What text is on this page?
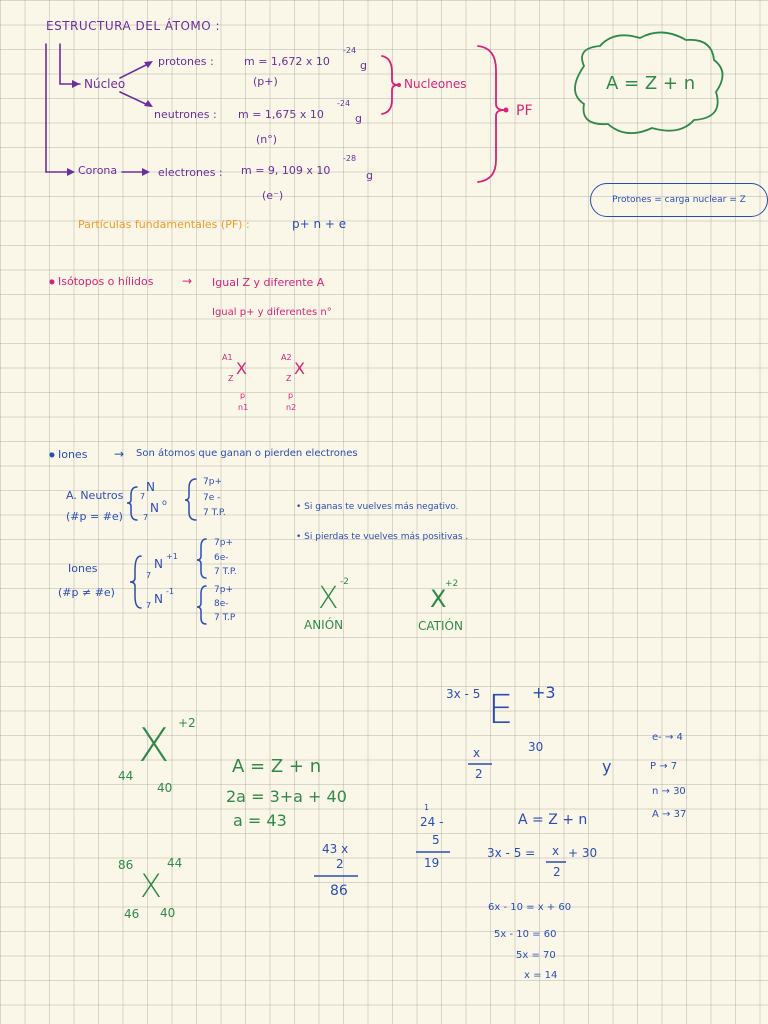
ESTRUCTURA DEL ÁTOMO :
Núcleo
Corona
protones :	m = 1,672 x 10
-24
g
(p+)
neutrones : m = 1,675 x 10
-24
g
(n°)
electrones : m = 9, 109 x 10
-28
g
(e⁻)
Nucleones
PF
A = Z + n
Protones = carga nuclear = Z
Partículas fundamentales (PF) :	p+ n + e
• Isótopos o hílidos → Igual Z y diferente A
Igual p+ y diferentes n°
A1
X
Z
p
n1
A2
X
Z
p
n2
• Iones → Son átomos que ganan o pierden electrones
A. Neutros
(#p = #e)
N
7
N o
7
7p+
7e -
7 T.P.
• Si ganas te vuelves más negativo.
• Si pierdas te vuelves más positivas .
Iones
(#p ≠ #e)
N
+1
7
N
-1
7
7p+
6e-
7 T.P.
7p+
8e-
7 T.P
X -2
ANIÓN
X
+2
CATIÓN
X +2
44
40
A = Z + n
2a = 3+a + 40
a = 43
43 x
2
86
X
86	44
46 40
3x - 5 E +3
30
x
2
1
24 -
5
19
A = Z + n
3x - 5 = x
2
+ 30
6x - 10 = x + 60
5x - 10 = 60
5x = 70
x = 14
y
e- → 4
P → 7
n → 30
A → 37
